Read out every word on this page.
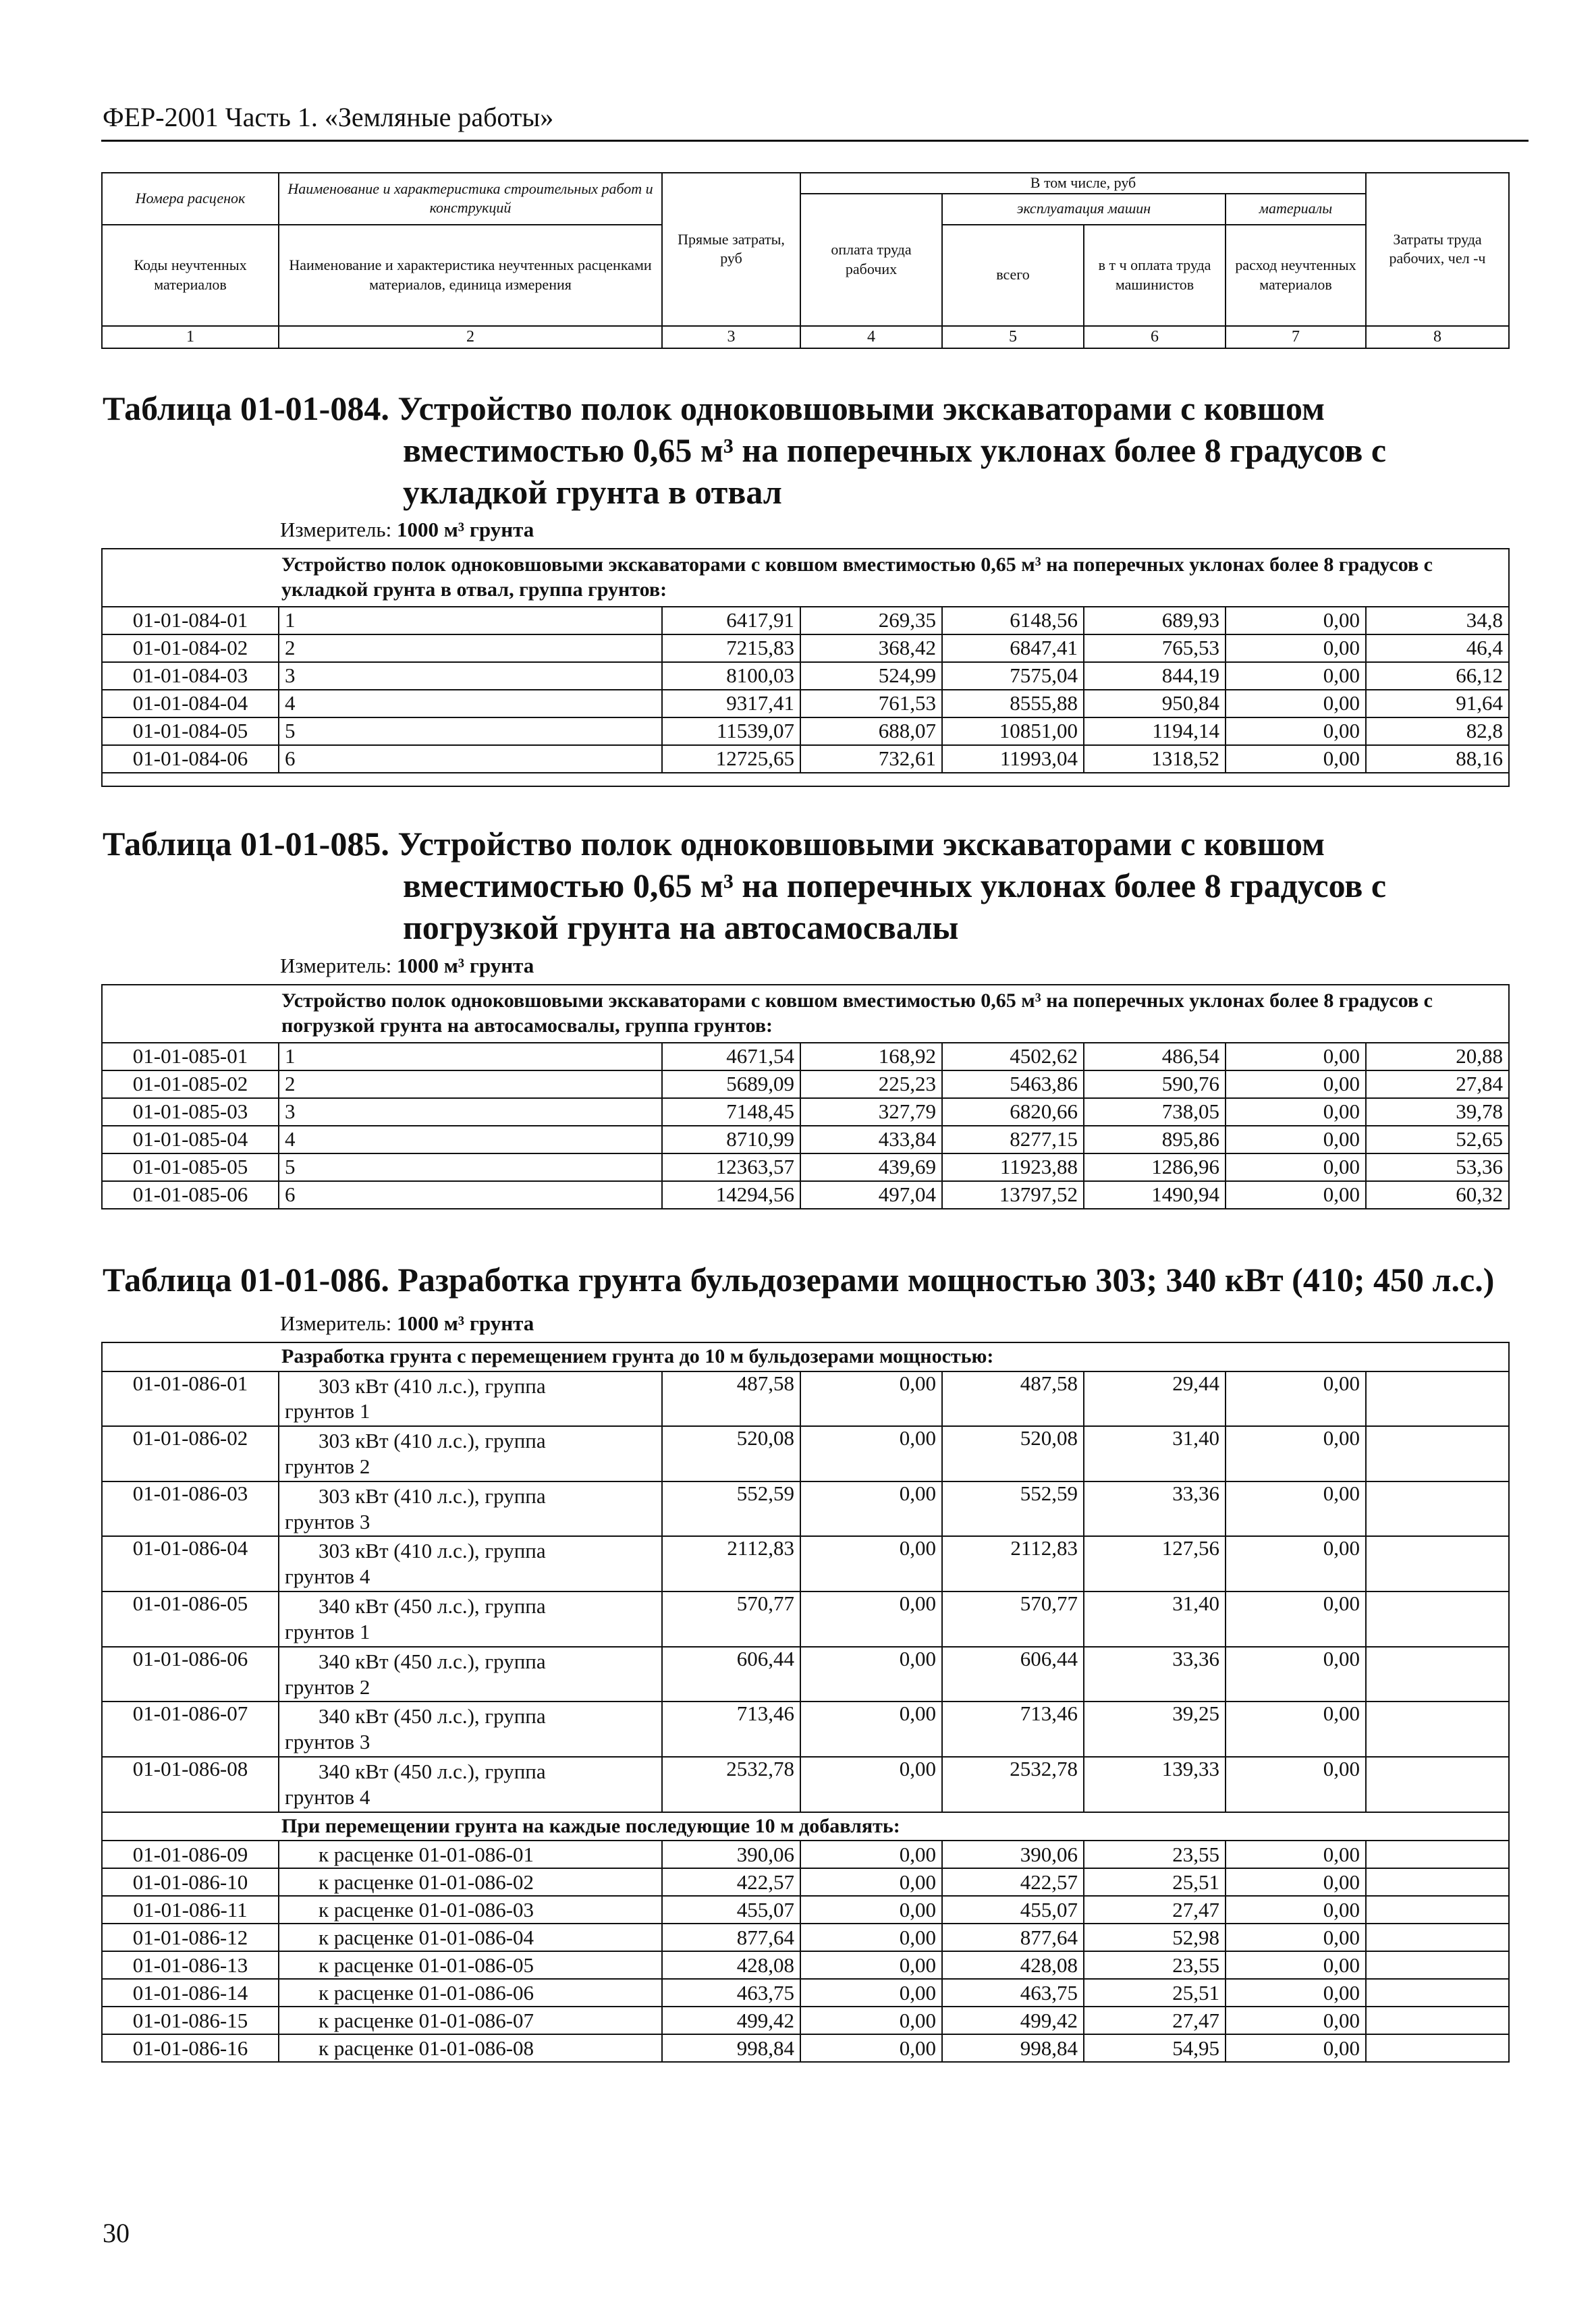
ФЕР-2001 Часть 1. «Земляные работы»
Номера расценок	Наименование и характеристика строительных работ и конструкций	Прямые затраты, руб	В том числе, руб				Затраты труда рабочих, чел -ч
			оплата труда рабочих	эксплуатация машин		материалы	
Коды неучтенных материалов	Наименование и характеристика неучтенных расценками материалов, единица измерения			всего	в т ч оплата труда машинистов	расход неучтенных материалов	
1	2	3	4	5	6	7	8
Таблица 01-01-084. Устройство полок одноковшовыми экскаваторами с ковшом
вместимостью 0,65 м³ на поперечных уклонах более 8 градусов с
укладкой грунта в отвал
Измеритель: 1000 м³ грунта
Устройство полок одноковшовыми экскаваторами с ковшом вместимостью 0,65 м³ на поперечных уклонах более 8 градусов с укладкой грунта в отвал, группа грунтов:							
01-01-084-01	1	6417,91	269,35	6148,56	689,93	0,00	34,8
01-01-084-02	2	7215,83	368,42	6847,41	765,53	0,00	46,4
01-01-084-03	3	8100,03	524,99	7575,04	844,19	0,00	66,12
01-01-084-04	4	9317,41	761,53	8555,88	950,84	0,00	91,64
01-01-084-05	5	11539,07	688,07	10851,00	1194,14	0,00	82,8
01-01-084-06	6	12725,65	732,61	11993,04	1318,52	0,00	88,16

Таблица 01-01-085. Устройство полок одноковшовыми экскаваторами с ковшом
вместимостью 0,65 м³ на поперечных уклонах более 8 градусов с
погрузкой грунта на автосамосвалы
Измеритель: 1000 м³ грунта
Устройство полок одноковшовыми экскаваторами с ковшом вместимостью 0,65 м³ на поперечных уклонах более 8 градусов с погрузкой грунта на автосамосвалы, группа грунтов:							
01-01-085-01	1	4671,54	168,92	4502,62	486,54	0,00	20,88
01-01-085-02	2	5689,09	225,23	5463,86	590,76	0,00	27,84
01-01-085-03	3	7148,45	327,79	6820,66	738,05	0,00	39,78
01-01-085-04	4	8710,99	433,84	8277,15	895,86	0,00	52,65
01-01-085-05	5	12363,57	439,69	11923,88	1286,96	0,00	53,36
01-01-085-06	6	14294,56	497,04	13797,52	1490,94	0,00	60,32
Таблица 01-01-086. Разработка грунта бульдозерами мощностью 303; 340 кВт (410; 450 л.с.)
Измеритель: 1000 м³ грунта
Разработка грунта с перемещением грунта до 10 м бульдозерами мощностью:							
01-01-086-01	303 кВт (410 л.с.), группа
грунтов 1	487,58	0,00	487,58	29,44	0,00	
01-01-086-02	303 кВт (410 л.с.), группа
грунтов 2	520,08	0,00	520,08	31,40	0,00	
01-01-086-03	303 кВт (410 л.с.), группа
грунтов 3	552,59	0,00	552,59	33,36	0,00	
01-01-086-04	303 кВт (410 л.с.), группа
грунтов 4	2112,83	0,00	2112,83	127,56	0,00	
01-01-086-05	340 кВт (450 л.с.), группа
грунтов 1	570,77	0,00	570,77	31,40	0,00	
01-01-086-06	340 кВт (450 л.с.), группа
грунтов 2	606,44	0,00	606,44	33,36	0,00	
01-01-086-07	340 кВт (450 л.с.), группа
грунтов 3	713,46	0,00	713,46	39,25	0,00	
01-01-086-08	340 кВт (450 л.с.), группа
грунтов 4	2532,78	0,00	2532,78	139,33	0,00	
При перемещении грунта на каждые последующие 10 м добавлять:							
01-01-086-09	к расценке 01-01-086-01	390,06	0,00	390,06	23,55	0,00	
01-01-086-10	к расценке 01-01-086-02	422,57	0,00	422,57	25,51	0,00	
01-01-086-11	к расценке 01-01-086-03	455,07	0,00	455,07	27,47	0,00	
01-01-086-12	к расценке 01-01-086-04	877,64	0,00	877,64	52,98	0,00	
01-01-086-13	к расценке 01-01-086-05	428,08	0,00	428,08	23,55	0,00	
01-01-086-14	к расценке 01-01-086-06	463,75	0,00	463,75	25,51	0,00	
01-01-086-15	к расценке 01-01-086-07	499,42	0,00	499,42	27,47	0,00	
01-01-086-16	к расценке 01-01-086-08	998,84	0,00	998,84	54,95	0,00	
30
